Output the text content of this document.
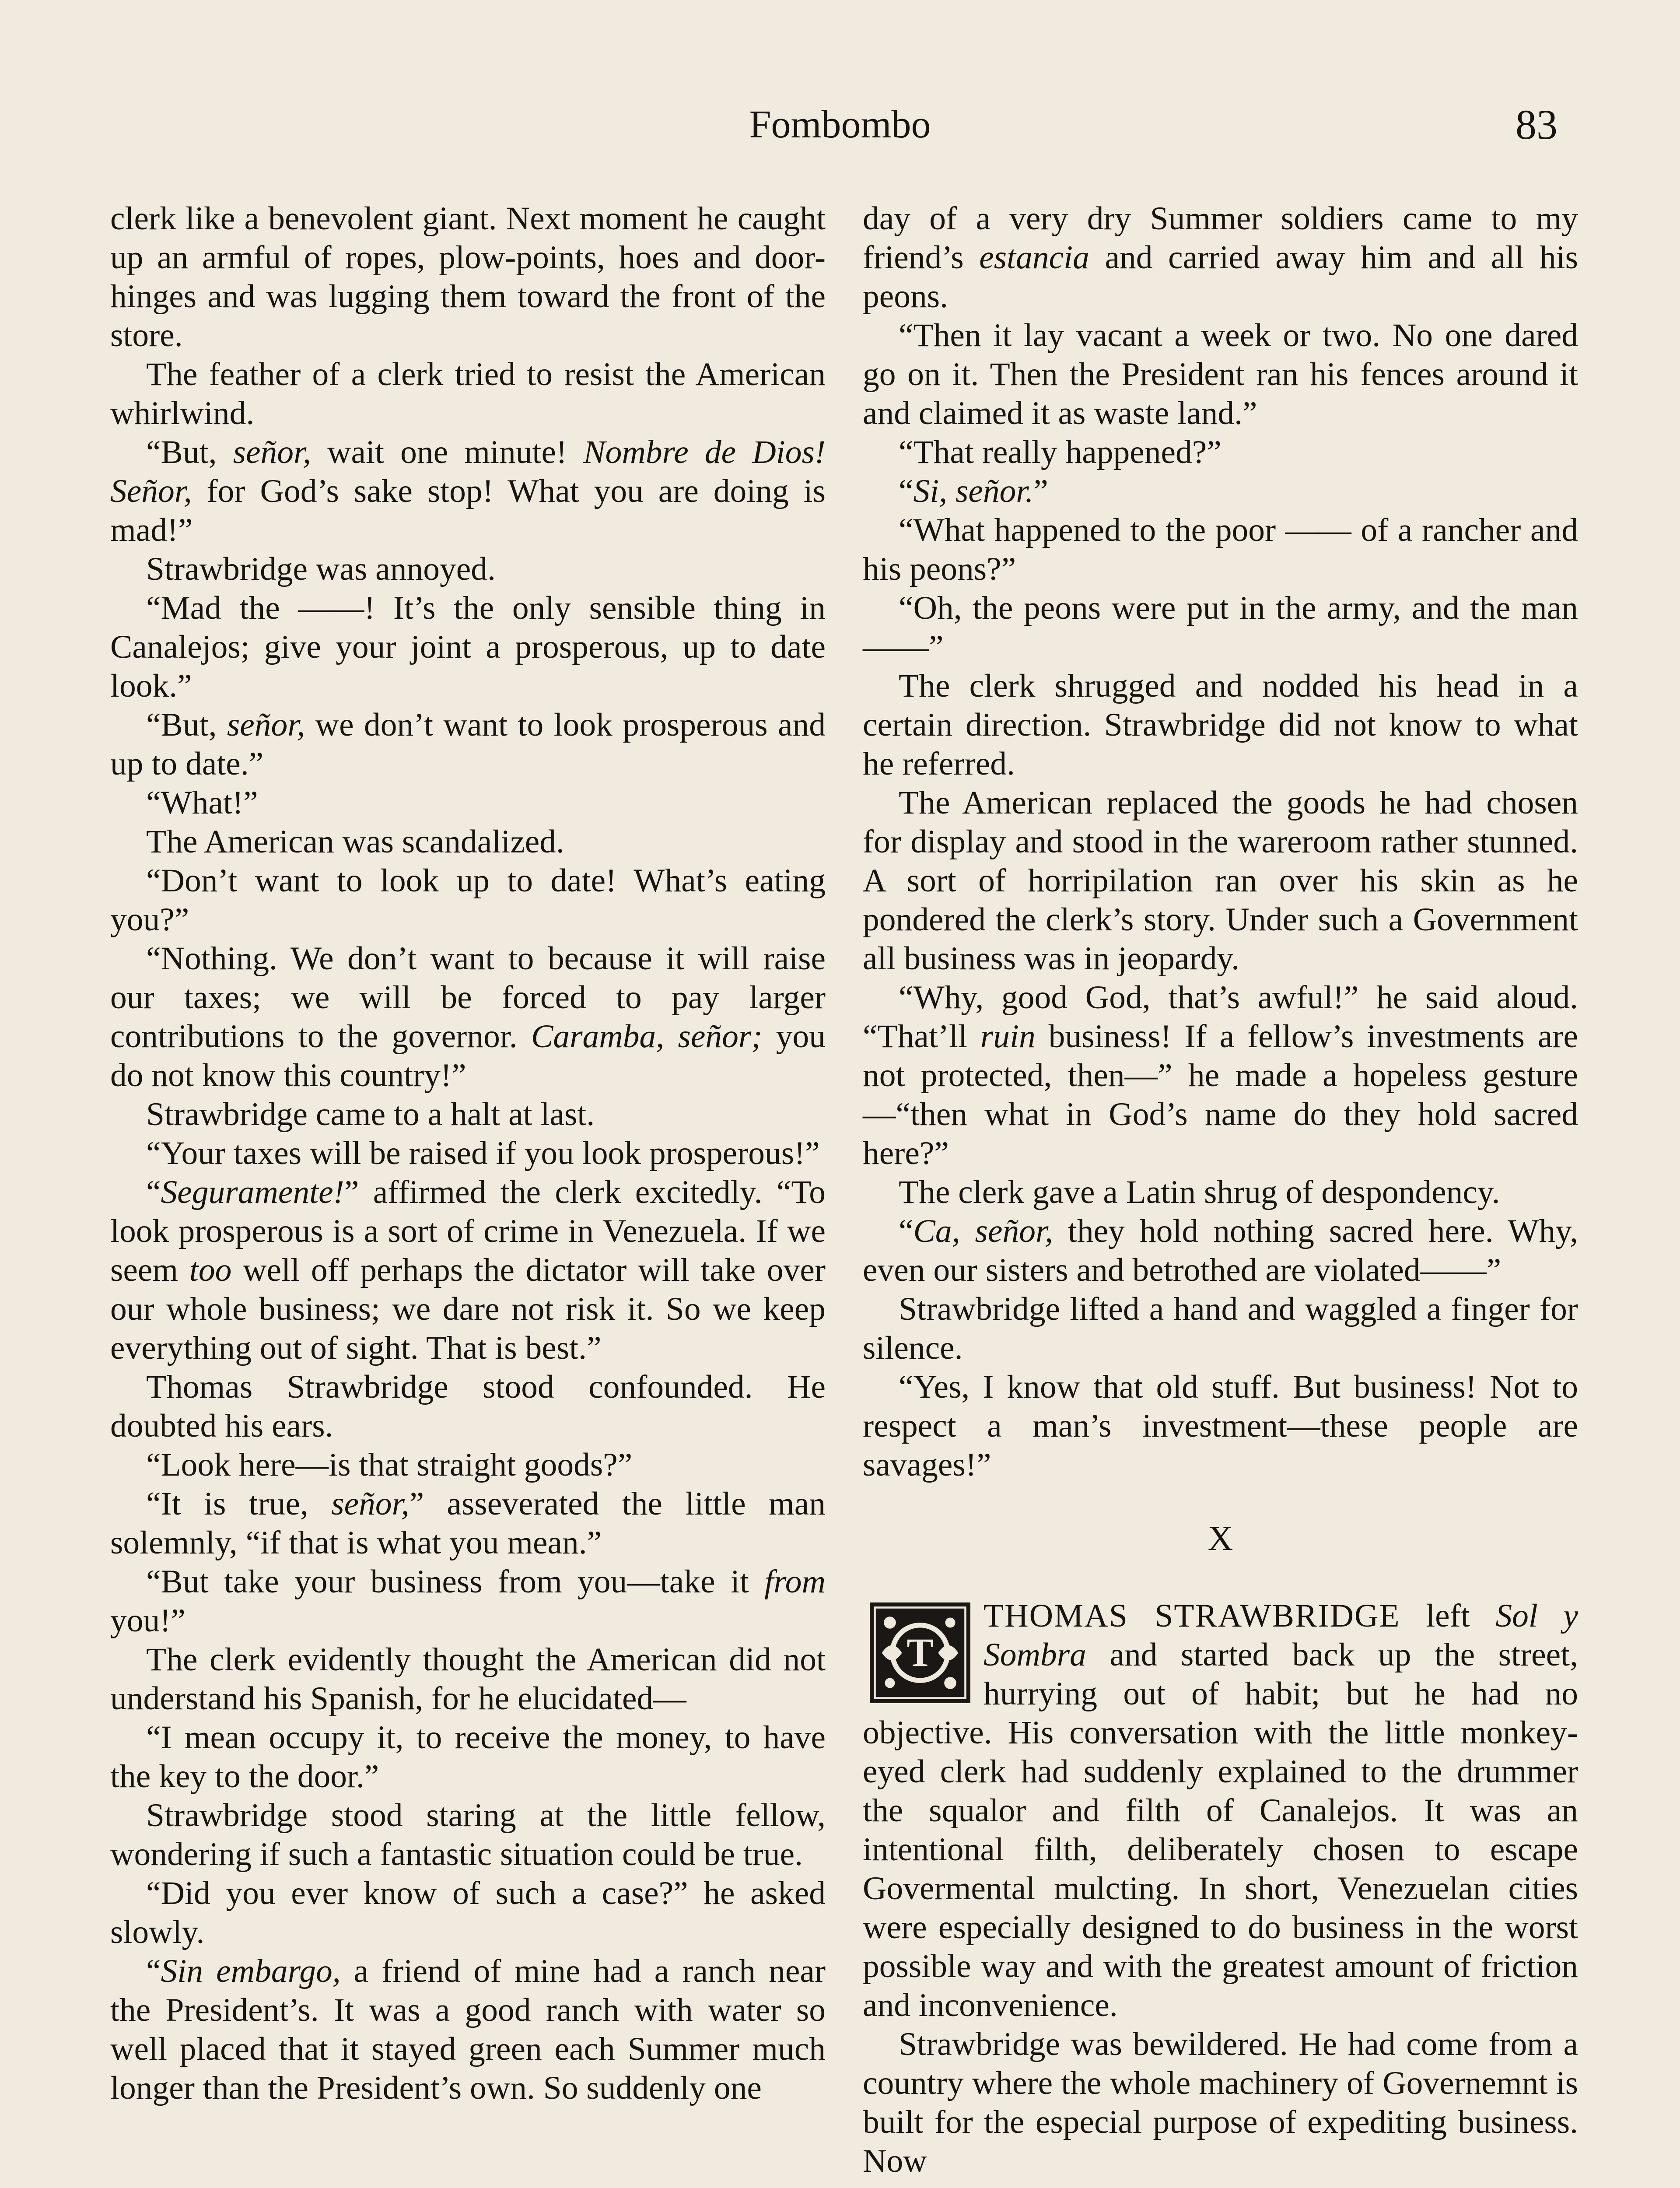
Fombombo	83

clerk like a benevolent giant. Next moment he caught up an armful of ropes, plow-points, hoes and door-hinges and was lugging them toward the front of the store.

The feather of a clerk tried to resist the American whirlwind.

“But, señor, wait one minute! Nombre de Dios! Señor, for God’s sake stop! What you are doing is mad!”

Strawbridge was annoyed.

“Mad the ——! It’s the only sensible thing in Canalejos; give your joint a prosperous, up to date look.”

“But, señor, we don’t want to look prosperous and up to date.”

“What!”

The American was scandalized.

“Don’t want to look up to date! What’s eating you?”

“Nothing. We don’t want to because it will raise our taxes; we will be forced to pay larger contributions to the governor. Caramba, señor; you do not know this country!”

Strawbridge came to a halt at last.

“Your taxes will be raised if you look prosperous!”

“Seguramente!” affirmed the clerk excitedly. “To look prosperous is a sort of crime in Venezuela. If we seem too well off perhaps the dictator will take over our whole business; we dare not risk it. So we keep everything out of sight. That is best.”

Thomas Strawbridge stood confounded. He doubted his ears.

“Look here—is that straight goods?”

“It is true, señor,” asseverated the little man solemnly, “if that is what you mean.”

“But take your business from you—take it from you!”

The clerk evidently thought the American did not understand his Spanish, for he elucidated—

“I mean occupy it, to receive the money, to have the key to the door.”

Strawbridge stood staring at the little fellow, wondering if such a fantastic situation could be true.

“Did you ever know of such a case?” he asked slowly.

“Sin embargo, a friend of mine had a ranch near the President’s. It was a good ranch with water so well placed that it stayed green each Summer much longer than the President’s own. So suddenly one

day of a very dry Summer soldiers came to my friend’s estancia and carried away him and all his peons.

“Then it lay vacant a week or two. No one dared go on it. Then the President ran his fences around it and claimed it as waste land.”

“That really happened?”

“Si, señor.”

“What happened to the poor —— of a rancher and his peons?”

“Oh, the peons were put in the army, and the man——”

The clerk shrugged and nodded his head in a certain direction. Strawbridge did not know to what he referred.

The American replaced the goods he had chosen for display and stood in the wareroom rather stunned. A sort of horripilation ran over his skin as he pondered the clerk’s story. Under such a Government all business was in jeopardy.

“Why, good God, that’s awful!” he said aloud. “That’ll ruin business! If a fellow’s investments are not protected, then—” he made a hopeless gesture—“then what in God’s name do they hold sacred here?”

The clerk gave a Latin shrug of despondency.

“Ca, señor, they hold nothing sacred here. Why, even our sisters and betrothed are violated——”

Strawbridge lifted a hand and waggled a finger for silence.

“Yes, I know that old stuff. But business! Not to respect a man’s investment—these people are savages!”

X

T
THOMAS STRAWBRIDGE left Sol y Sombra and started back up the street, hurrying out of habit; but he had no objective. His conversation with the little monkey-eyed clerk had suddenly explained to the drummer the squalor and filth of Canalejos. It was an intentional filth, deliberately chosen to escape Govermental mulcting. In short, Venezuelan cities were especially designed to do business in the worst possible way and with the greatest amount of friction and inconvenience.

Strawbridge was bewildered. He had come from a country where the whole machinery of Governemnt is built for the especial purpose of expediting business. Now
